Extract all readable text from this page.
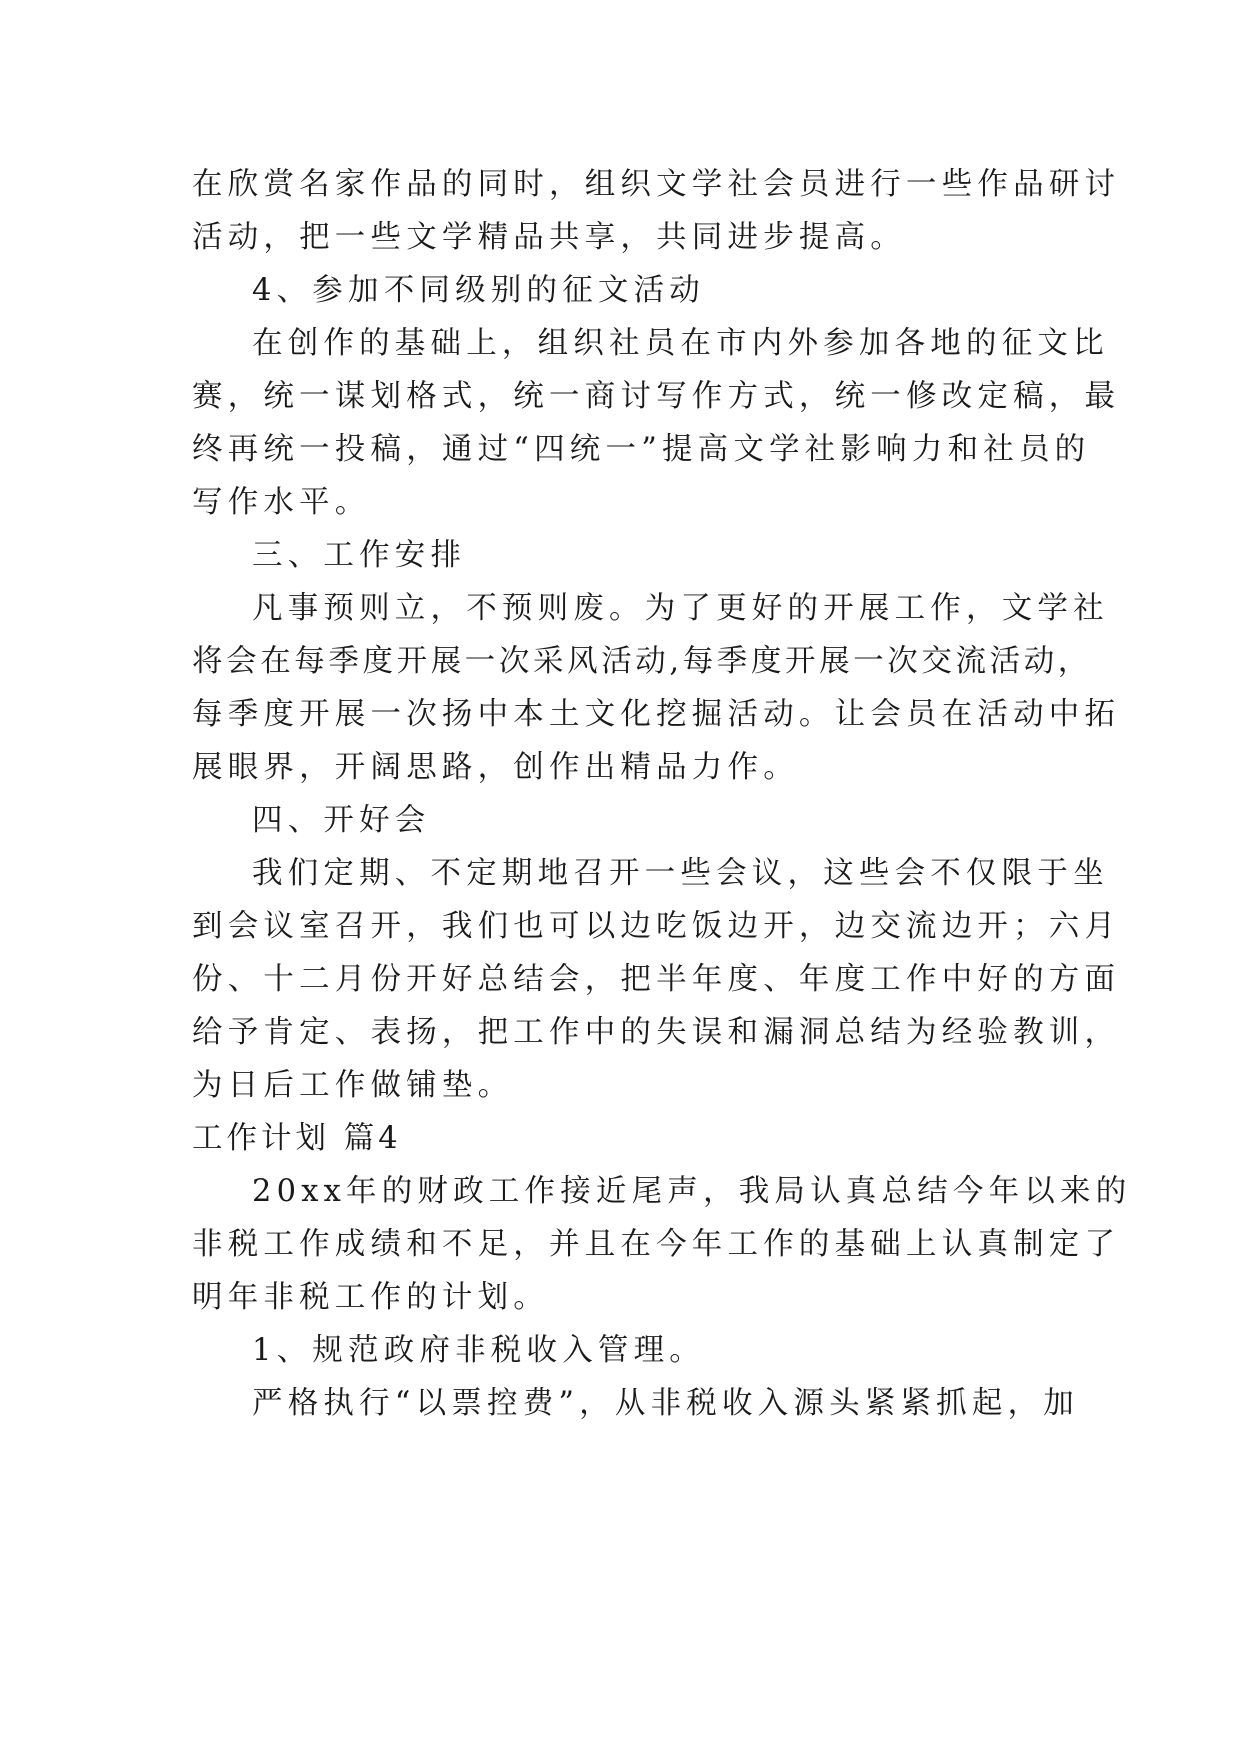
在欣赏名家作品的同时，组织文学社会员进行一些作品研讨
活动，把一些文学精品共享，共同进步提高。
4、参加不同级别的征文活动
在创作的基础上，组织社员在市内外参加各地的征文比
赛，统一谋划格式，统一商讨写作方式，统一修改定稿，最
终再统一投稿，通过“四统一”提高文学社影响力和社员的
写作水平。
三、工作安排
凡事预则立，不预则废。为了更好的开展工作，文学社
将会在每季度开展一次采风活动,每季度开展一次交流活动，
每季度开展一次扬中本土文化挖掘活动。让会员在活动中拓
展眼界，开阔思路，创作出精品力作。
四、开好会
我们定期、不定期地召开一些会议，这些会不仅限于坐
到会议室召开，我们也可以边吃饭边开，边交流边开；六月
份、十二月份开好总结会，把半年度、年度工作中好的方面
给予肯定、表扬，把工作中的失误和漏洞总结为经验教训，
为日后工作做铺垫。
工作计划 篇4
20xx年的财政工作接近尾声，我局认真总结今年以来的
非税工作成绩和不足，并且在今年工作的基础上认真制定了
明年非税工作的计划。
1、规范政府非税收入管理。
严格执行“以票控费”，从非税收入源头紧紧抓起，加
